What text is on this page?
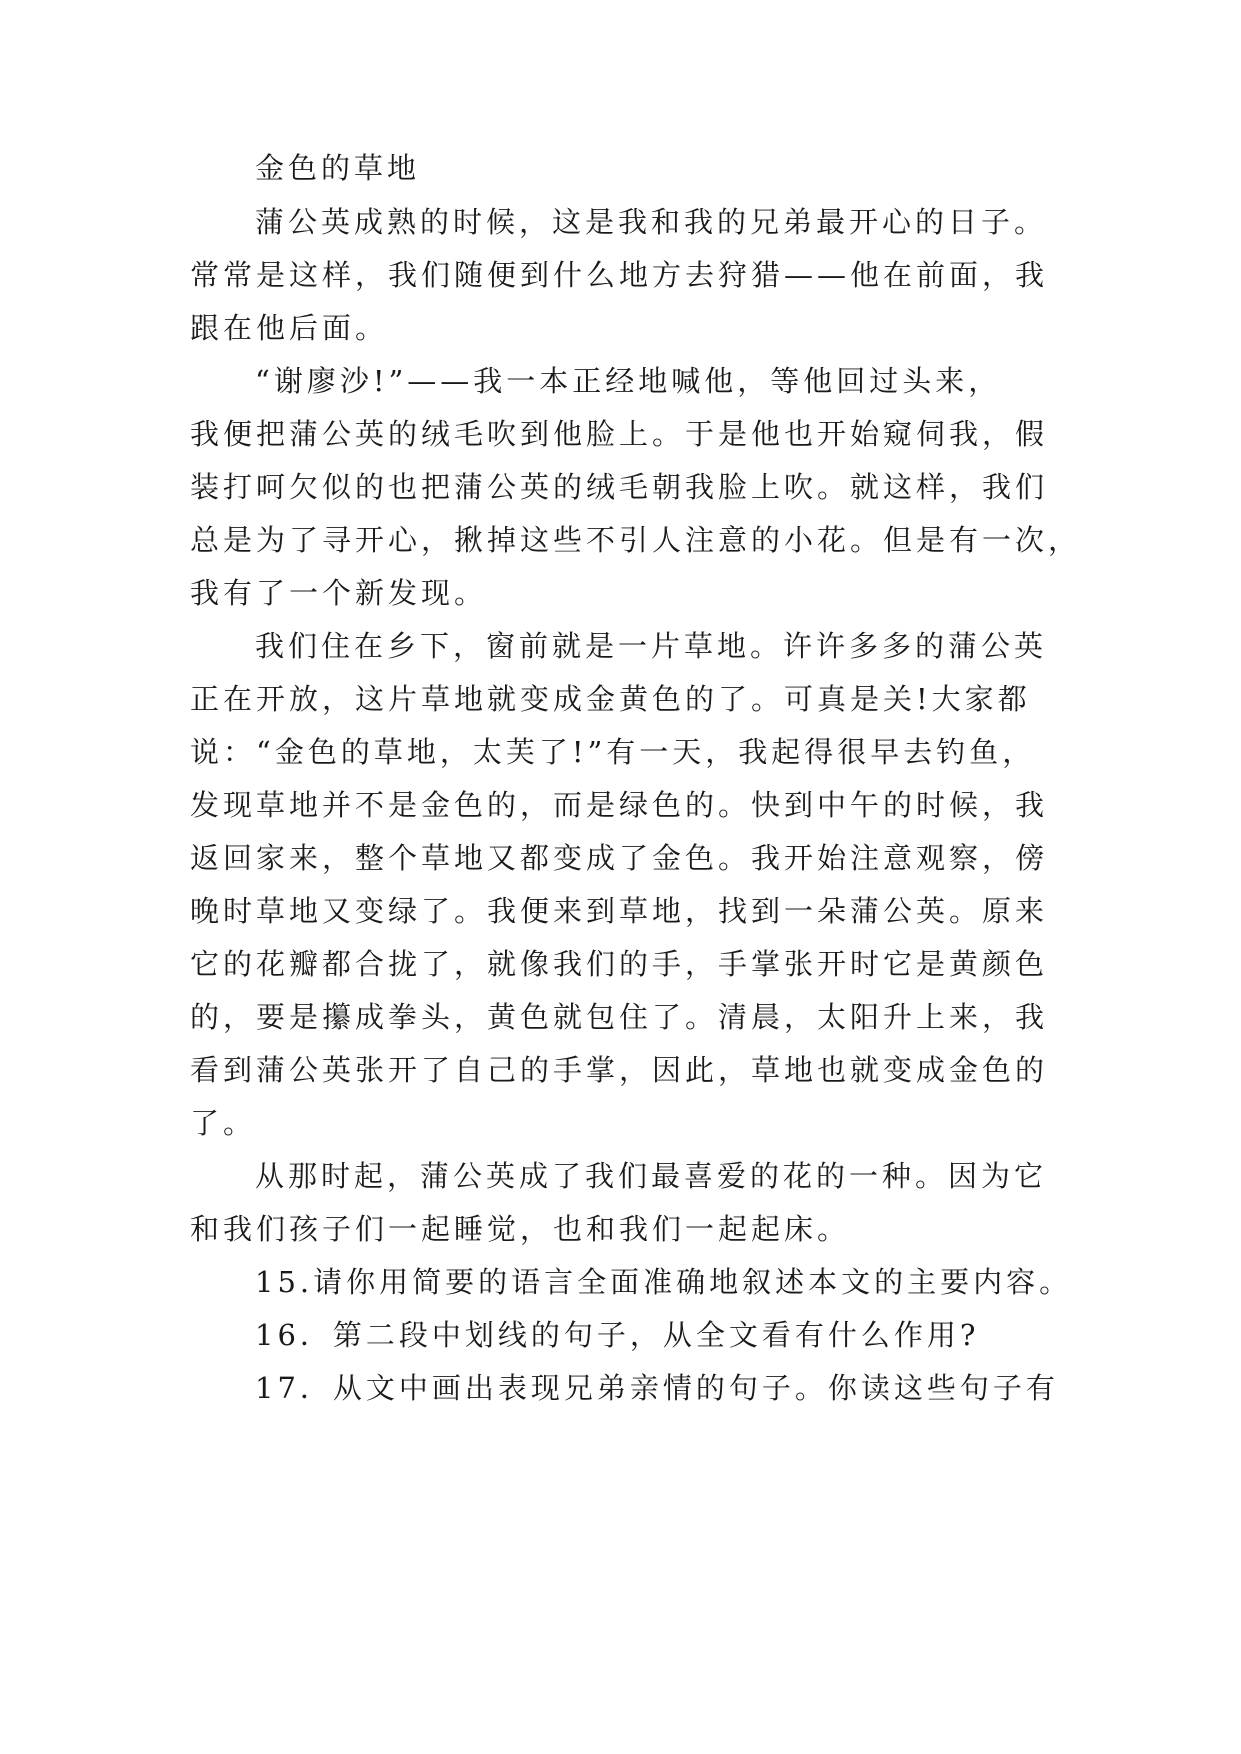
金色的草地
蒲公英成熟的时候，这是我和我的兄弟最开心的日子。
常常是这样，我们随便到什么地方去狩猎——他在前面，我
跟在他后面。
“谢廖沙!”——我一本正经地喊他，等他回过头来，
我便把蒲公英的绒毛吹到他脸上。于是他也开始窥伺我，假
装打呵欠似的也把蒲公英的绒毛朝我脸上吹。就这样，我们
总是为了寻开心，揪掉这些不引人注意的小花。但是有一次，
我有了一个新发现。
我们住在乡下，窗前就是一片草地。许许多多的蒲公英
正在开放，这片草地就变成金黄色的了。可真是关!大家都
说：“金色的草地，太芙了!”有一天，我起得很早去钓鱼，
发现草地并不是金色的，而是绿色的。快到中午的时候，我
返回家来，整个草地又都变成了金色。我开始注意观察，傍
晚时草地又变绿了。我便来到草地，找到一朵蒲公英。原来
它的花瓣都合拢了，就像我们的手，手掌张开时它是黄颜色
的，要是攥成拳头，黄色就包住了。清晨，太阳升上来，我
看到蒲公英张开了自己的手掌，因此，草地也就变成金色的
了。
从那时起，蒲公英成了我们最喜爱的花的一种。因为它
和我们孩子们一起睡觉，也和我们一起起床。
15.请你用简要的语言全面准确地叙述本文的主要内容。
16．第二段中划线的句子，从全文看有什么作用?
17．从文中画出表现兄弟亲情的句子。你读这些句子有
